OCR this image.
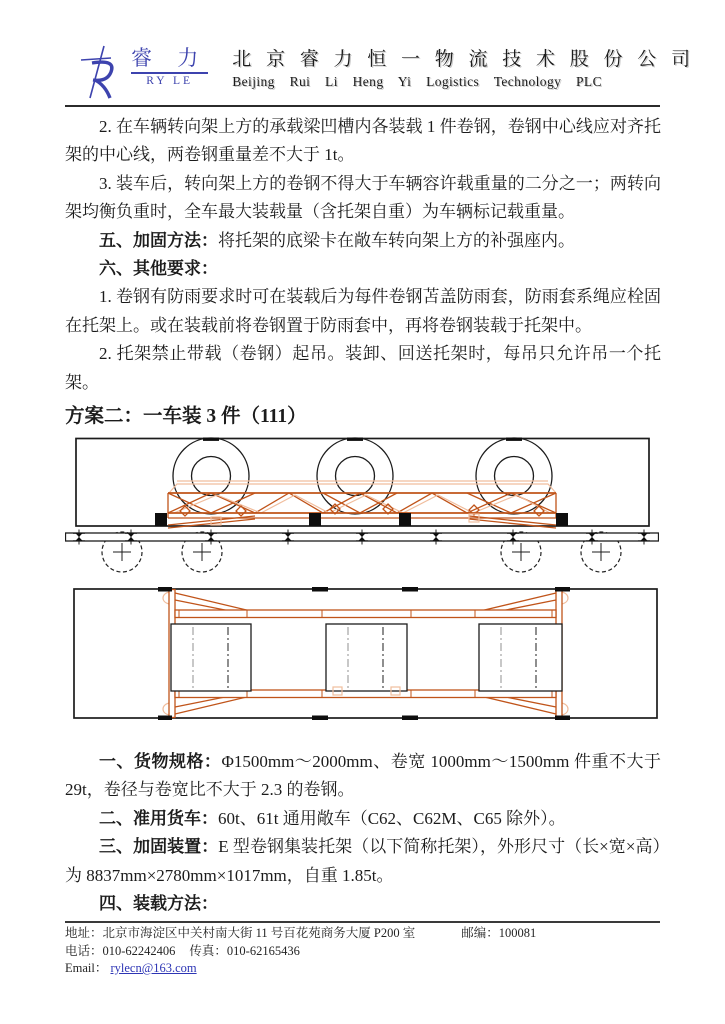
睿 力
RY LE
北 京 睿 力 恒 一 物 流 技 术 股 份 公 司
Beijing Rui Li Heng Yi Logistics Technology PLC

2. 在车辆转向架上方的承载梁凹槽内各装载 1 件卷钢，卷钢中心线应对齐托架的中心线，两卷钢重量差不大于 1t。

3. 装车后，转向架上方的卷钢不得大于车辆容许载重量的二分之一；两转向架均衡负重时，全车最大装载量（含托架自重）为车辆标记载重量。

五、加固方法：将托架的底梁卡在敞车转向架上方的补强座内。

六、其他要求：

1. 卷钢有防雨要求时可在装载后为每件卷钢苫盖防雨套，防雨套系绳应栓固在托架上。或在装载前将卷钢置于防雨套中，再将卷钢装载于托架中。

2. 托架禁止带载（卷钢）起吊。装卸、回送托架时，每吊只允许吊一个托架。

方案二：一车装 3 件（111）

一、货物规格：Φ1500mm～2000mm、卷宽 1000mm～1500mm 件重不大于 29t，卷径与卷宽比不大于 2.3 的卷钢。

二、准用货车：60t、61t 通用敞车（C62、C62M、C65 除外）。

三、加固装置：E 型卷钢集装托架（以下简称托架），外形尺寸（长×宽×高）为 8837mm×2780mm×1017mm，自重 1.85t。

四、装载方法：

地址：北京市海淀区中关村南大街 11 号百花苑商务大厦 P200 室	邮编：100081
电话：010-62242406 传真：010-62165436
Email： rylecn@163.com
